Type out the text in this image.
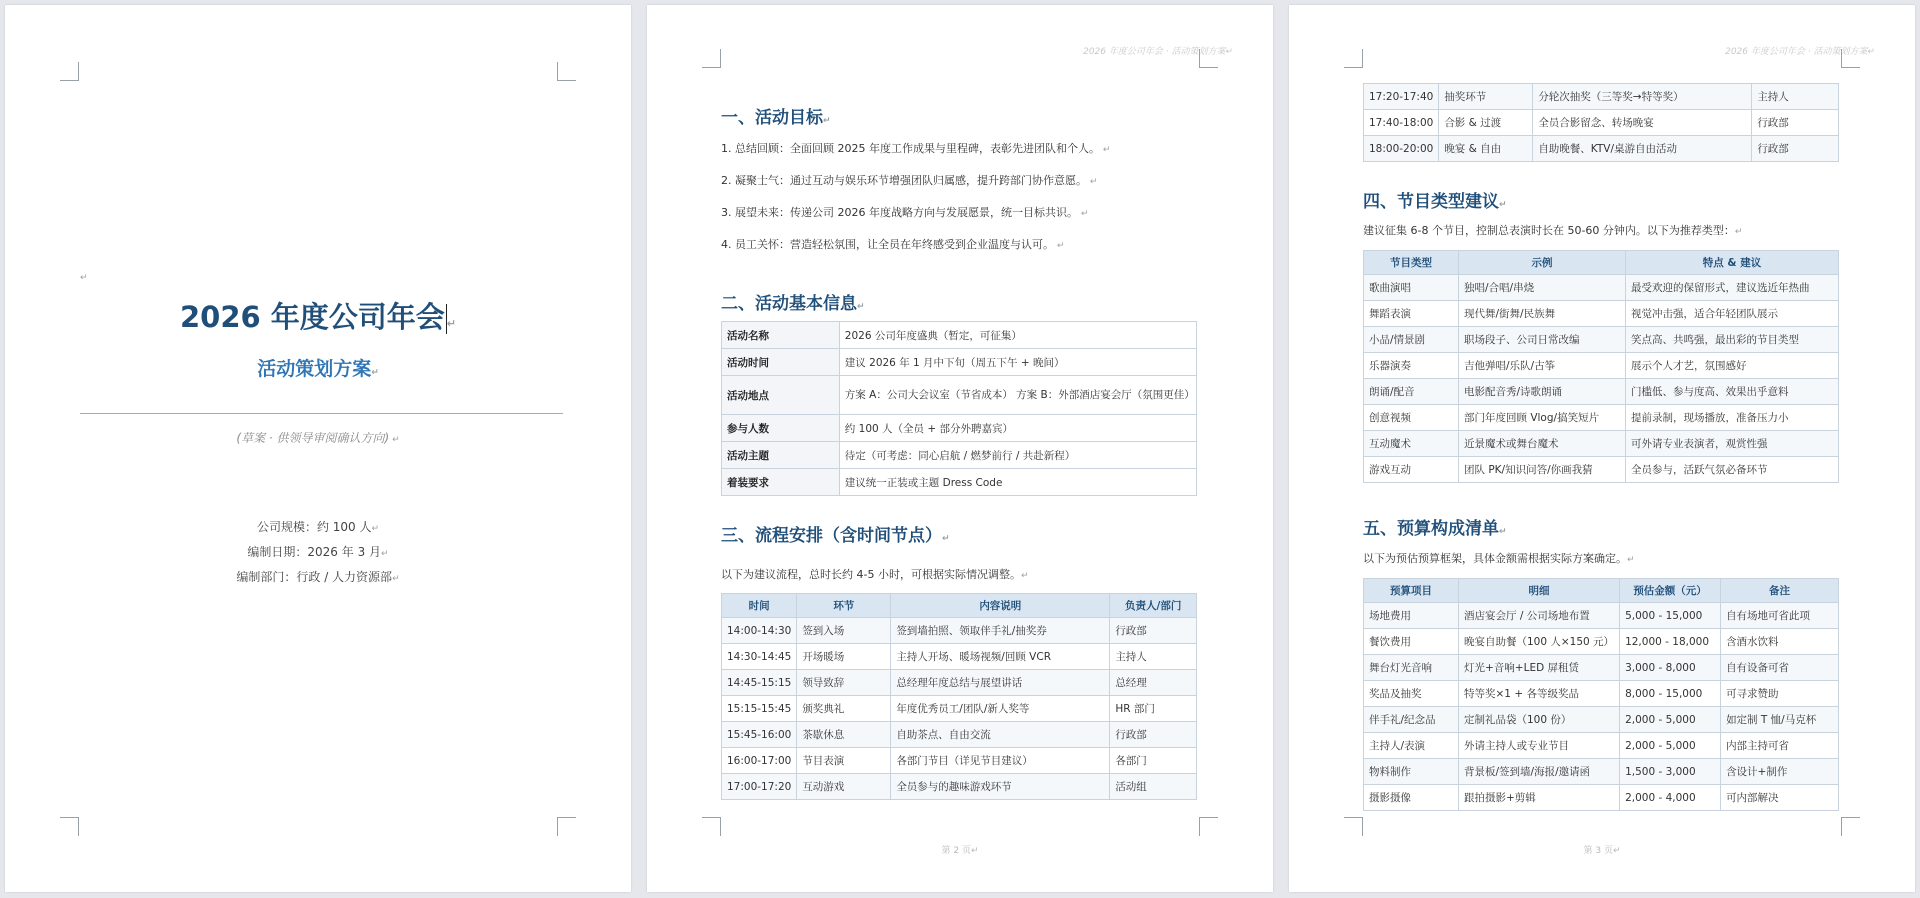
↵
2026 年度公司年会 ↵
活动策划方案↵
(草案 · 供领导审阅确认方向) ↵
公司规模：约 100 人↵
编制日期：2026 年 3 月↵
编制部门：行政 / 人力资源部↵
2026 年度公司年会 · 活动策划方案↵
一、活动目标↵
1. 总结回顾：全面回顾 2025 年度工作成果与里程碑，表彰先进团队和个人。 ↵
2. 凝聚士气：通过互动与娱乐环节增强团队归属感，提升跨部门协作意愿。 ↵
3. 展望未来：传递公司 2026 年度战略方向与发展愿景，统一目标共识。 ↵
4. 员工关怀：营造轻松氛围，让全员在年终感受到企业温度与认可。 ↵
二、活动基本信息↵
活动名称	2026 公司年度盛典（暂定，可征集）
活动时间	建议 2026 年 1 月中下旬（周五下午 + 晚间）
活动地点	方案 A：公司大会议室（节省成本） 方案 B：外部酒店宴会厅（氛围更佳）
参与人数	约 100 人（全员 + 部分外聘嘉宾）
活动主题	待定（可考虑：同心启航 / 燃梦前行 / 共赴新程）
着装要求	建议统一正装或主题 Dress Code
三、流程安排（含时间节点）↵
以下为建议流程，总时长约 4-5 小时，可根据实际情况调整。↵
时间	环节	内容说明	负责人/部门
14:00-14:30	签到入场	签到墙拍照、领取伴手礼/抽奖券	行政部
14:30-14:45	开场暖场	主持人开场、暖场视频/回顾 VCR	主持人
14:45-15:15	领导致辞	总经理年度总结与展望讲话	总经理
15:15-15:45	颁奖典礼	年度优秀员工/团队/新人奖等	HR 部门
15:45-16:00	茶歇休息	自助茶点、自由交流	行政部
16:00-17:00	节目表演	各部门节目（详见节目建议）	各部门
17:00-17:20	互动游戏	全员参与的趣味游戏环节	活动组
第 2 页↵
2026 年度公司年会 · 活动策划方案↵
17:20-17:40	抽奖环节	分轮次抽奖（三等奖→特等奖）	主持人
17:40-18:00	合影 & 过渡	全员合影留念、转场晚宴	行政部
18:00-20:00	晚宴 & 自由	自助晚餐、KTV/桌游自由活动	行政部
四、节目类型建议↵
建议征集 6-8 个节目，控制总表演时长在 50-60 分钟内。以下为推荐类型：↵
节目类型	示例	特点 & 建议
歌曲演唱	独唱/合唱/串烧	最受欢迎的保留形式，建议选近年热曲
舞蹈表演	现代舞/街舞/民族舞	视觉冲击强，适合年轻团队展示
小品/情景剧	职场段子、公司日常改编	笑点高、共鸣强，最出彩的节目类型
乐器演奏	吉他弹唱/乐队/古筝	展示个人才艺，氛围感好
朗诵/配音	电影配音秀/诗歌朗诵	门槛低、参与度高、效果出乎意料
创意视频	部门年度回顾 Vlog/搞笑短片	提前录制，现场播放，准备压力小
互动魔术	近景魔术或舞台魔术	可外请专业表演者，观赏性强
游戏互动	团队 PK/知识问答/你画我猜	全员参与，活跃气氛必备环节
五、预算构成清单↵
以下为预估预算框架，具体金额需根据实际方案确定。↵
预算项目	明细	预估金额（元）	备注
场地费用	酒店宴会厅 / 公司场地布置	5,000 - 15,000	自有场地可省此项
餐饮费用	晚宴自助餐（100 人×150 元）	12,000 - 18,000	含酒水饮料
舞台灯光音响	灯光+音响+LED 屏租赁	3,000 - 8,000	自有设备可省
奖品及抽奖	特等奖×1 + 各等级奖品	8,000 - 15,000	可寻求赞助
伴手礼/纪念品	定制礼品袋（100 份）	2,000 - 5,000	如定制 T 恤/马克杯
主持人/表演	外请主持人或专业节目	2,000 - 5,000	内部主持可省
物料制作	背景板/签到墙/海报/邀请函	1,500 - 3,000	含设计+制作
摄影摄像	跟拍摄影+剪辑	2,000 - 4,000	可内部解决
第 3 页↵
